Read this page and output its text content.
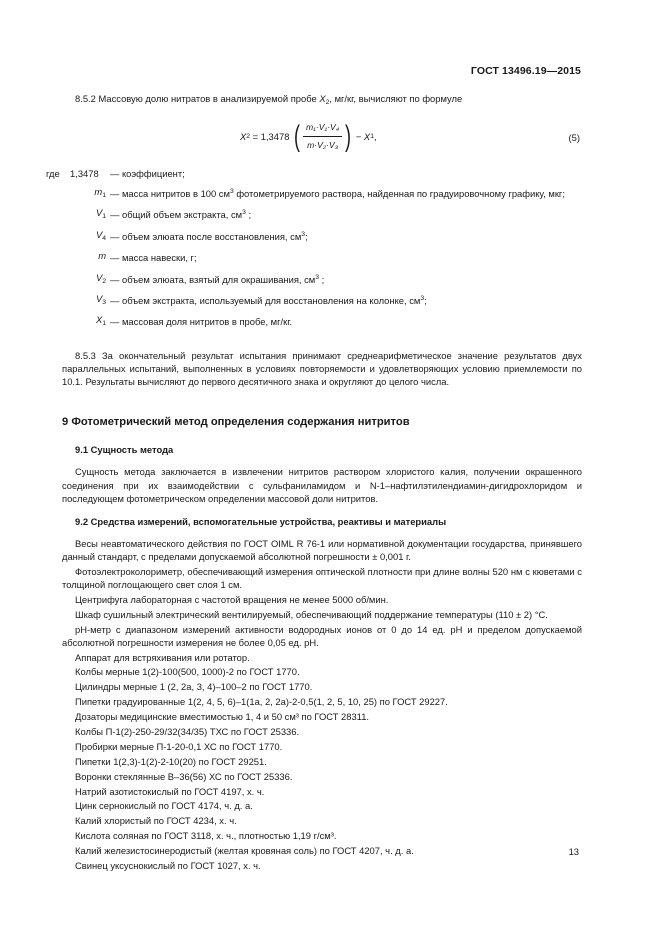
ГОСТ 13496.19—2015

8.5.2 Массовую долю нитратов в анализируемой пробе $X_2$, мг/кг, вычисляют по формуле

X 2 = 1,3478 ( $\frac{\text{m₁·V₁·V₄}}{\text{m·V₂·V₃}}$ ) − X 1 ,	(5)
где	1,3478	— коэффициент;
$m_1$ — масса нитритов в 100 $см^3$ фотометрируемого раствора, найденная по градуировочному графику, мкг;
$V_1$ — общий объем экстракта, $см^3$ ;
$V_4$ — объем элюата после восстановления, $см^3$;
m — масса навески, г;
$V_2$ — объем элюата, взятый для окрашивания, $см^3$ ;
$V_3$ — объем экстракта, используемый для восстановления на колонке, $см^3$;
$X_1$ — массовая доля нитритов в пробе, мг/кг.

8.5.3 За окончательный результат испытания принимают среднеарифметическое значение результатов двух параллельных испытаний, выполненных в условиях повторяемости и удовлетворяющих условию приемлемости по 10.1. Результаты вычисляют до первого десятичного знака и округляют до целого числа.

9 Фотометрический метод определения содержания нитритов
9.1 Сущность метода

Сущность метода заключается в извлечении нитритов раствором хлористого калия, получении окрашенного соединения при их взаимодействии с сульфаниламидом и N-1–нафтилэтилендиамин-дигидрохлоридом и последующем фотометрическом определении массовой доли нитритов.

9.2 Средства измерений, вспомогательные устройства, реактивы и материалы

Весы неавтоматического действия по ГОСТ OIML R 76-1 или нормативной документации государства, принявшего данный стандарт, с пределами допускаемой абсолютной погрешности ± 0,001 г.

Фотоэлектроколориметр, обеспечивающий измерения оптической плотности при длине волны 520 нм с кюветами с толщиной поглощающего свет слоя 1 см.

Центрифуга лабораторная с частотой вращения не менее 5000 об/мин.

Шкаф сушильный электрический вентилируемый, обеспечивающий поддержание температуры (110 ± 2) °С.

pH-метр с диапазоном измерений активности водородных ионов от 0 до 14 ед. pH и пределом допускаемой абсолютной погрешности измерения не более 0,05 ед. pH.

Аппарат для встряхивания или ротатор.

Колбы мерные 1(2)-100(500, 1000)-2 по ГОСТ 1770.

Цилиндры мерные 1 (2, 2а, 3, 4)–100–2 по ГОСТ 1770.

Пипетки градуированные 1(2, 4, 5, 6)–1(1а, 2, 2а)-2-0,5(1, 2, 5, 10, 25) по ГОСТ 29227.

Дозаторы медицинские вместимостью 1, 4 и 50 см³ по ГОСТ 28311.

Колбы П-1(2)-250-29/32(34/35) ТХС по ГОСТ 25336.

Пробирки мерные П-1-20-0,1 ХС по ГОСТ 1770.

Пипетки 1(2,3)-1(2)-2-10(20) по ГОСТ 29251.

Воронки стеклянные В–36(56) ХС по ГОСТ 25336.

Натрий азотистокислый по ГОСТ 4197, х. ч.

Цинк сернокислый по ГОСТ 4174, ч. д. а.

Калий хлористый по ГОСТ 4234, х. ч.

Кислота соляная по ГОСТ 3118, х. ч., плотностью 1,19 г/см³.

Калий железистосинеродистый (желтая кровяная соль) по ГОСТ 4207, ч. д. а.

Свинец уксуснокислый по ГОСТ 1027, х. ч.

13
